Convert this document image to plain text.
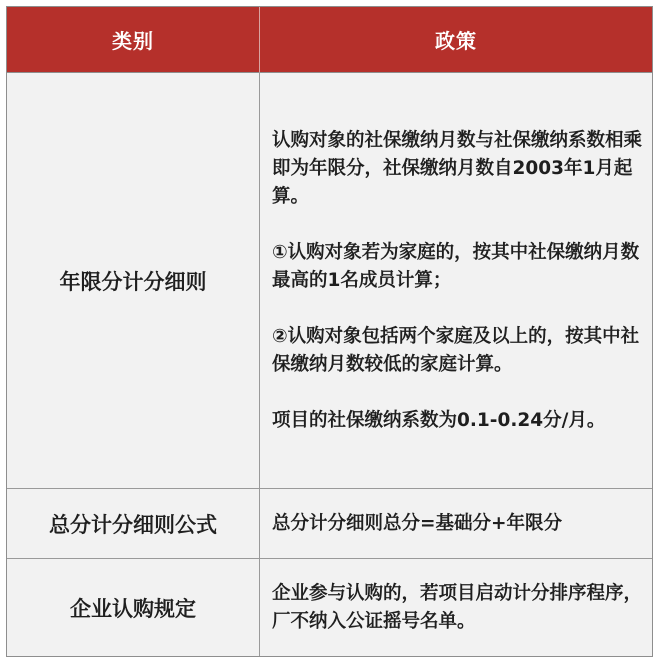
类别	政策
年限分计分细则

认购对象的社保缴纳月数与社保缴纳系数相乘即为年限分，社保缴纳月数自2003年1月起算。

①认购对象若为家庭的，按其中社保缴纳月数最高的1名成员计算；

②认购对象包括两个家庭及以上的，按其中社保缴纳月数较低的家庭计算。

项目的社保缴纳系数为0.1-0.24分/月。

总分计分细则公式	总分计分细则总分=基础分+年限分

企业认购规定

企业参与认购的，若项目启动计分排序程序，厂不纳入公证摇号名单。
